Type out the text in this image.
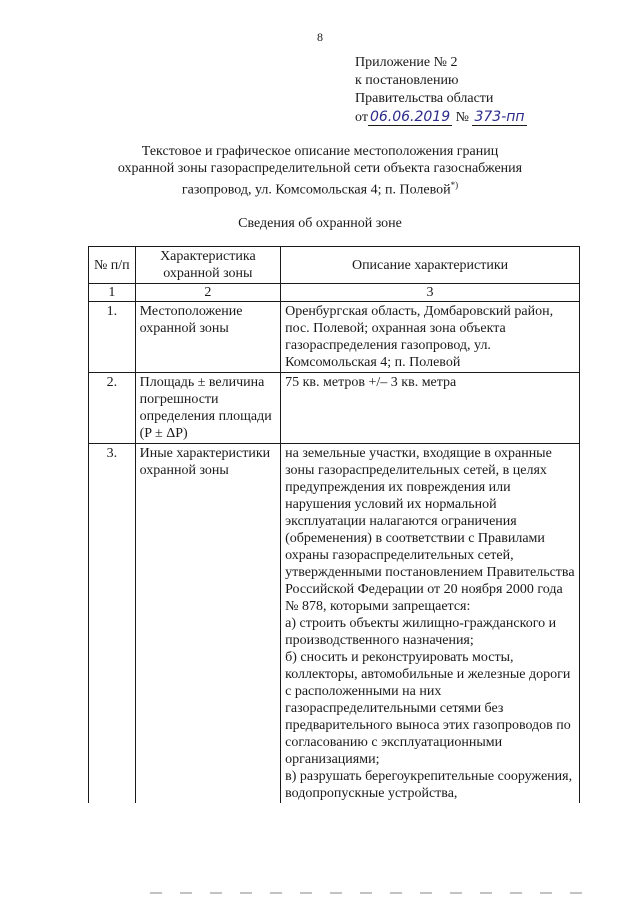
8
Приложение № 2
к постановлению
Правительства области
от 06.06.2019 № 373-пп
Текстовое и графическое описание местоположения границ
охранной зоны газораспределительной сети объекта газоснабжения
газопровод, ул. Комсомольская 4; п. Полевой*)
Сведения об охранной зоне
№ п/п	Характеристика охранной зоны	Описание характеристики
1	2	3
1.	Местоположение охранной зоны	Оренбургская область, Домбаровский район, пос. Полевой; охранная зона объекта газораспределения газопровод, ул. Комсомольская 4; п. Полевой
2.	Площадь ± величина погрешности определения площади (P ± ΔP)	75 кв. метров +/– 3 кв. метра
3.	Иные характеристики охранной зоны	на земельные участки, входящие в охранные зоны газораспределительных сетей, в целях предупреждения их повреждения или нарушения условий их нормальной эксплуатации налагаются ограничения (обременения) в соответствии с Правилами охраны газораспределительных сетей, утвержденными постановлением Правительства Российской Федерации от 20 ноября 2000 года № 878, которыми запрещается:
а) строить объекты жилищно-гражданского и производственного назначения;
б) сносить и реконструировать мосты, коллекторы, автомобильные и железные дороги с расположенными на них газораспределительными сетями без предварительного выноса этих газопроводов по согласованию с эксплуатационными организациями;
в) разрушать берегоукрепительные сооружения, водопропускные устройства,
